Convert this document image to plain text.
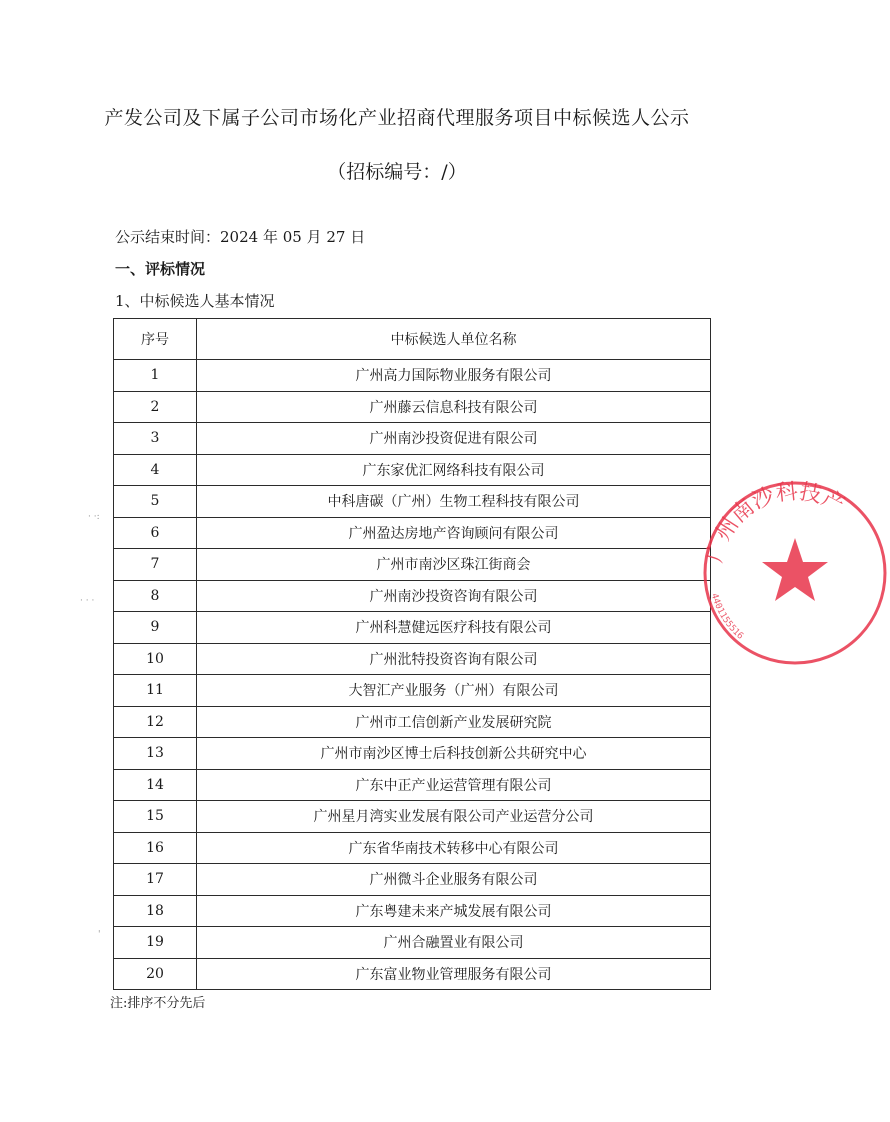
产发公司及下属子公司市场化产业招商代理服务项目中标候选人公示
（招标编号：/）
公示结束时间：2024 年 05 月 27 日
一、评标情况
1、中标候选人基本情况
序号	中标候选人单位名称
1	广州高力国际物业服务有限公司
2	广州藤云信息科技有限公司
3	广州南沙投资促进有限公司
4	广东家优汇网络科技有限公司
5	中科唐碳（广州）生物工程科技有限公司
6	广州盈达房地产咨询顾问有限公司
7	广州市南沙区珠江街商会
8	广州南沙投资咨询有限公司
9	广州科慧健远医疗科技有限公司
10	广州沘特投资咨询有限公司
11	大智汇产业服务（广州）有限公司
12	广州市工信创新产业发展研究院
13	广州市南沙区博士后科技创新公共研究中心
14	广东中正产业运营管理有限公司
15	广州星月湾实业发展有限公司产业运营分公司
16	广东省华南技术转移中心有限公司
17	广州微斗企业服务有限公司
18	广东粤建未来产城发展有限公司
19	广州合融置业有限公司
20	广东富业物业管理服务有限公司
注:排序不分先后
· ·:
· · ·
'
广州南沙科技产
4401155516
